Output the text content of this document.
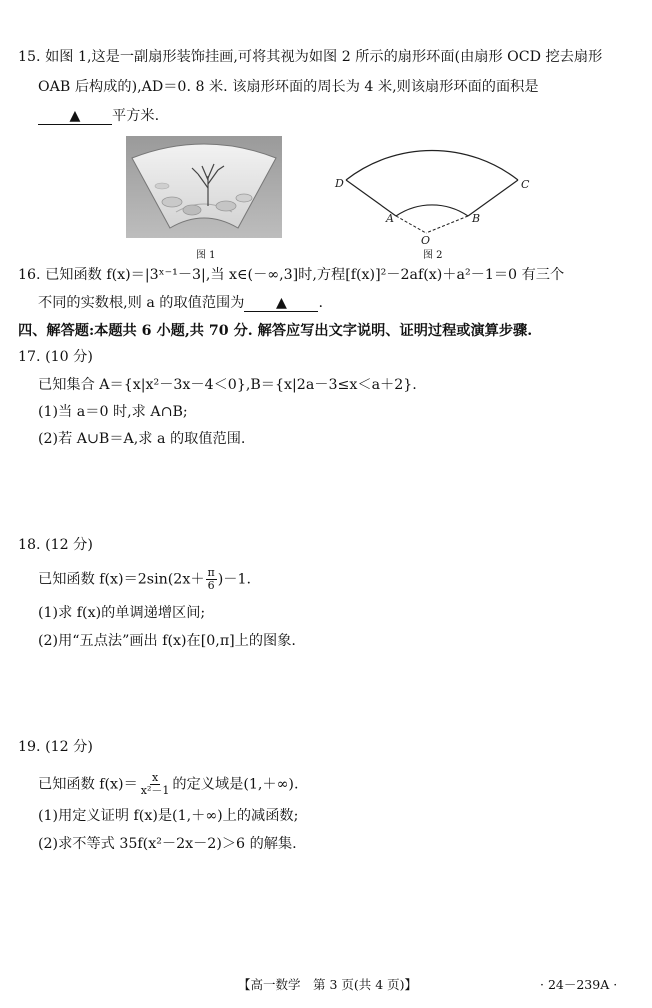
15. 如图 1,这是一副扇形装饰挂画,可将其视为如图 2 所示的扇形环面(由扇形 OCD 挖去扇形
OAB 后构成的),AD＝0. 8 米. 该扇形环面的周长为 4 米,则该扇形环面的面积是
▲ 平方米.
图 1
D	C
A	B
O
图 2
16. 已知函数 f(x)＝|3ˣ⁻¹－3|,当 x∈(－∞,3]时,方程[f(x)]²－2af(x)＋a²－1＝0 有三个
不同的实数根,则 a 的取值范围为 ▲ .
四、解答题:本题共 6 小题,共 70 分. 解答应写出文字说明、证明过程或演算步骤.
17. (10 分)
已知集合 A＝{x|x²－3x－4＜0},B＝{x|2a－3≤x＜a＋2}.
(1)当 a＝0 时,求 A∩B;
(2)若 A∪B＝A,求 a 的取值范围.
18. (12 分)
已知函数 $f(x)=2\sin(2x+ \frac{\pi}{6} )-1$.
(1)求 f(x)的单调递增区间;
(2)用“五点法”画出 f(x)在[0,π]上的图象.
19. (12 分)
已知函数 $f(x)= \frac{x}{\text{x²－1}}$ 的定义域是(1,＋∞).
(1)用定义证明 f(x)是(1,＋∞)上的减函数;
(2)求不等式 35f(x²－2x－2)＞6 的解集.
【高一数学　第 3 页(共 4 页)】	· 24－239A ·
